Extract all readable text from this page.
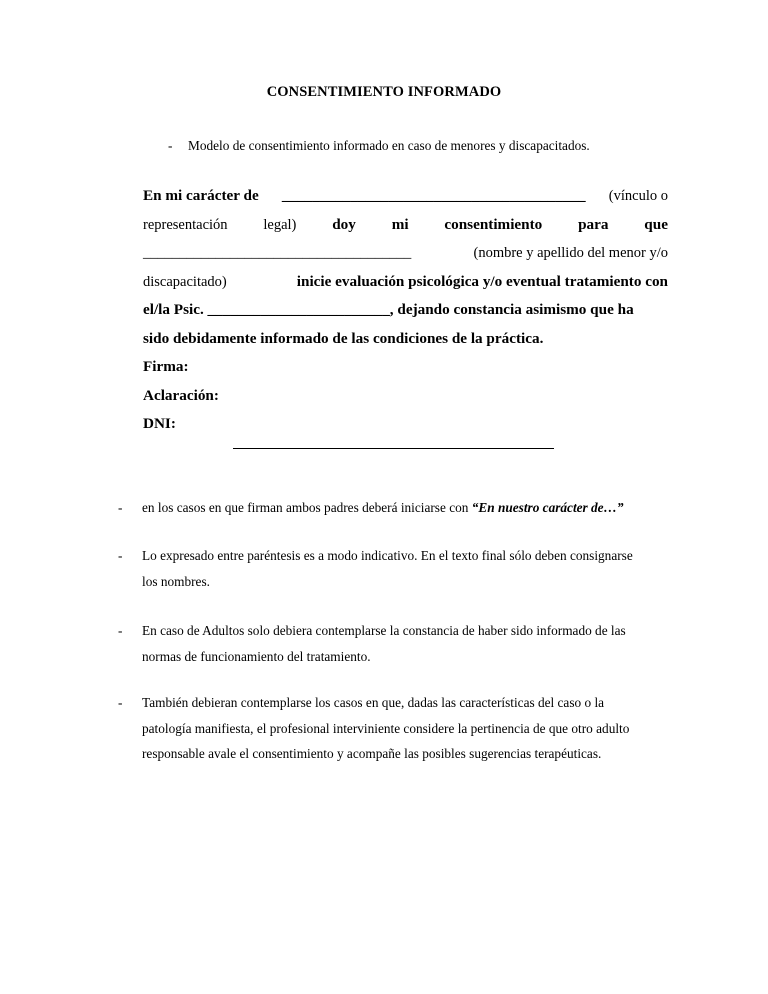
CONSENTIMIENTO INFORMADO
- Modelo de consentimiento informado en caso de menores y discapacitados.
En mi carácter de ________________________________________ (vínculo o
representación legal) doy mi consentimiento para que
_____________________________________	(nombre y apellido del menor y/o
discapacitado)	inicie evaluación psicológica y/o eventual tratamiento con
el/la Psic. ________________________, dejando constancia asimismo que ha
sido debidamente informado de las condiciones de la práctica.
Firma:
Aclaración:
DNI:
- en los casos en que firman ambos padres deberá iniciarse con “En nuestro carácter de…”
- Lo expresado entre paréntesis es a modo indicativo. En el texto final sólo deben consignarse
los nombres.
- En caso de Adultos solo debiera contemplarse la constancia de haber sido informado de las
normas de funcionamiento del tratamiento.
- También debieran contemplarse los casos en que, dadas las características del caso o la
patología manifiesta, el profesional interviniente considere la pertinencia de que otro adulto
responsable avale el consentimiento y acompañe las posibles sugerencias terapéuticas.
